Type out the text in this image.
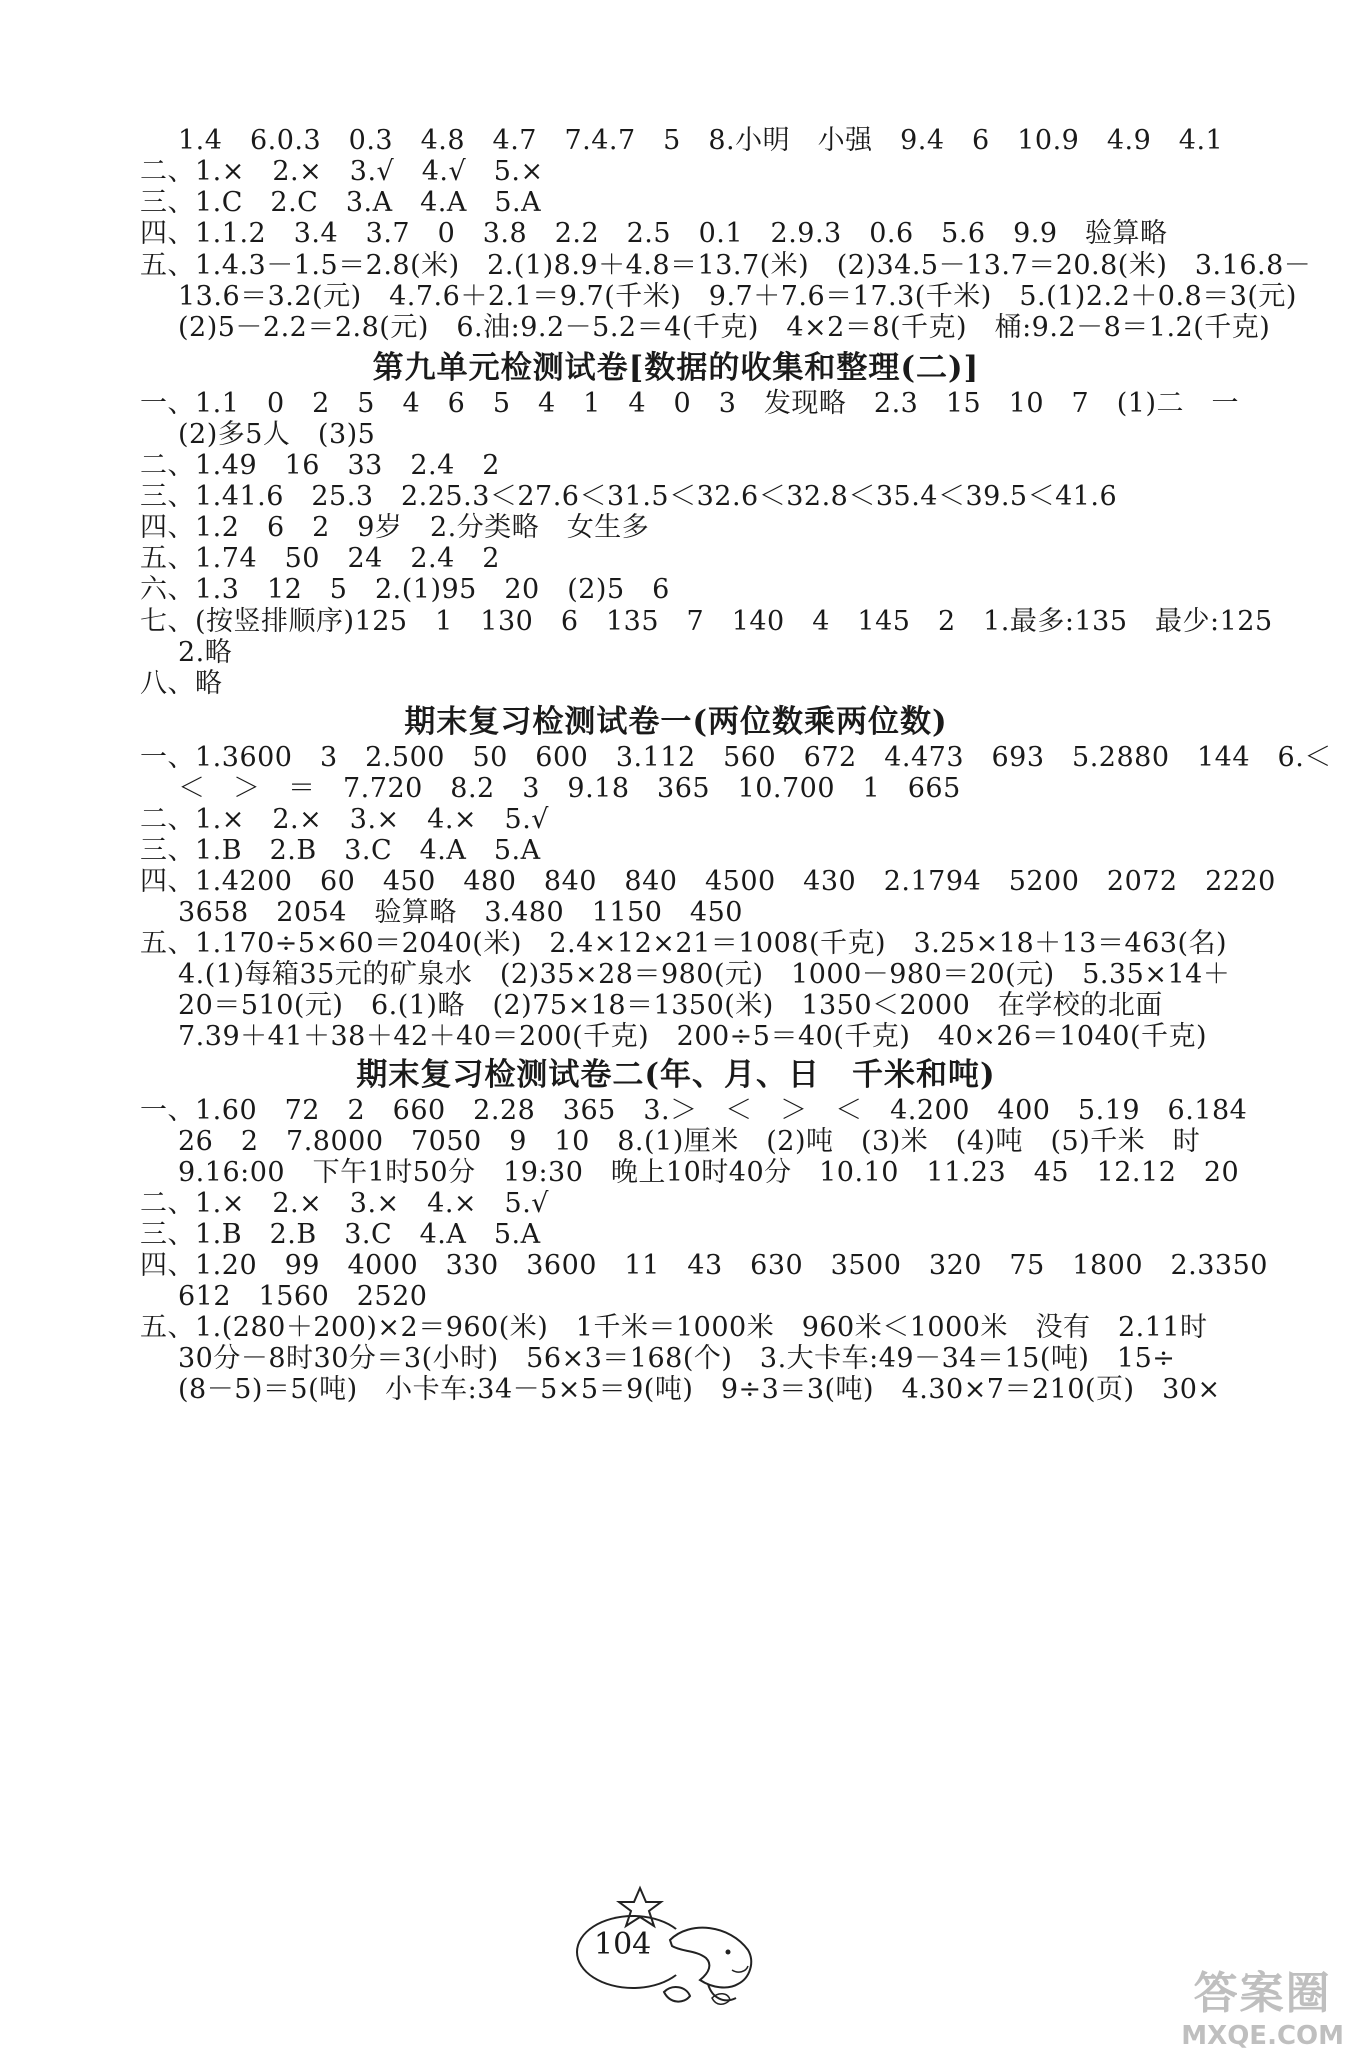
1.4　6.0.3　0.3　4.8　4.7　7.4.7　5　8.小明　小强　9.4　6　10.9　4.9　4.1
二、1.×　2.×　3.√　4.√　5.×
三、1.C　2.C　3.A　4.A　5.A
四、1.1.2　3.4　3.7　0　3.8　2.2　2.5　0.1　2.9.3　0.6　5.6　9.9　验算略
五、1.4.3－1.5＝2.8(米)　2.(1)8.9＋4.8＝13.7(米)　(2)34.5－13.7＝20.8(米)　3.16.8－
13.6＝3.2(元)　4.7.6＋2.1＝9.7(千米)　9.7＋7.6＝17.3(千米)　5.(1)2.2＋0.8＝3(元)
(2)5－2.2＝2.8(元)　6.油:9.2－5.2＝4(千克)　4×2＝8(千克)　桶:9.2－8＝1.2(千克)
第九单元检测试卷[数据的收集和整理(二)]
一、1.1　0　2　5　4　6　5　4　1　4　0　3　发现略　2.3　15　10　7　(1)二　一
(2)多5人　(3)5
二、1.49　16　33　2.4　2
三、1.41.6　25.3　2.25.3＜27.6＜31.5＜32.6＜32.8＜35.4＜39.5＜41.6
四、1.2　6　2　9岁　2.分类略　女生多
五、1.74　50　24　2.4　2
六、1.3　12　5　2.(1)95　20　(2)5　6
七、(按竖排顺序)125　1　130　6　135　7　140　4　145　2　1.最多:135　最少:125
2.略
八、略
期末复习检测试卷一(两位数乘两位数)
一、1.3600　3　2.500　50　600　3.112　560　672　4.473　693　5.2880　144　6.＜
＜　＞　＝　7.720　8.2　3　9.18　365　10.700　1　665
二、1.×　2.×　3.×　4.×　5.√
三、1.B　2.B　3.C　4.A　5.A
四、1.4200　60　450　480　840　840　4500　430　2.1794　5200　2072　2220
3658　2054　验算略　3.480　1150　450
五、1.170÷5×60＝2040(米)　2.4×12×21＝1008(千克)　3.25×18＋13＝463(名)
4.(1)每箱35元的矿泉水　(2)35×28＝980(元)　1000－980＝20(元)　5.35×14＋
20＝510(元)　6.(1)略　(2)75×18＝1350(米)　1350＜2000　在学校的北面
7.39＋41＋38＋42＋40＝200(千克)　200÷5＝40(千克)　40×26＝1040(千克)
期末复习检测试卷二(年、月、日　千米和吨)
一、1.60　72　2　660　2.28　365　3.＞　＜　＞　＜　4.200　400　5.19　6.184
26　2　7.8000　7050　9　10　8.(1)厘米　(2)吨　(3)米　(4)吨　(5)千米　时
9.16:00　下午1时50分　19:30　晚上10时40分　10.10　11.23　45　12.12　20
二、1.×　2.×　3.×　4.×　5.√
三、1.B　2.B　3.C　4.A　5.A
四、1.20　99　4000　330　3600　11　43　630　3500　320　75　1800　2.3350
612　1560　2520
五、1.(280＋200)×2＝960(米)　1千米＝1000米　960米＜1000米　没有　2.11时
30分－8时30分＝3(小时)　56×3＝168(个)　3.大卡车:49－34＝15(吨)　15÷
(8－5)＝5(吨)　小卡车:34－5×5＝9(吨)　9÷3＝3(吨)　4.30×7＝210(页)　30×
104
答案圈
MXQE.COM
